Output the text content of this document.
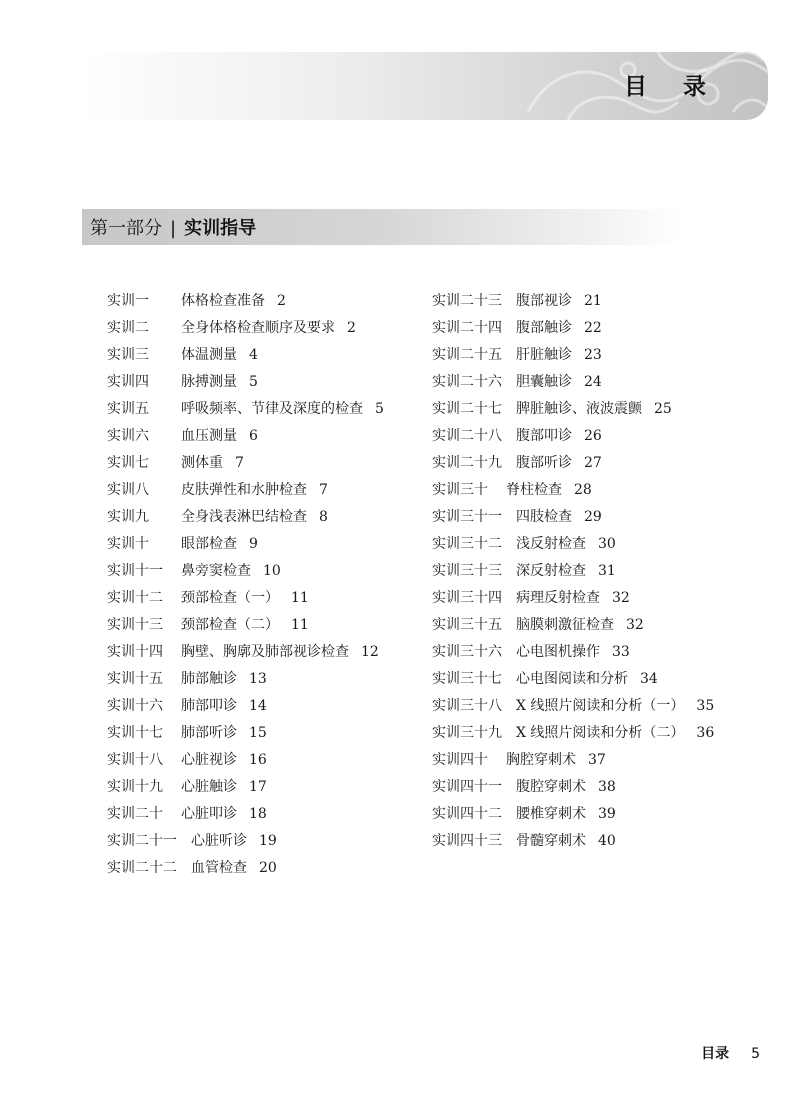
目 录
第一部分 | 实训指导
实训一 体格检查准备 2
实训二 全身体格检查顺序及要求 2
实训三 体温测量 4
实训四 脉搏测量 5
实训五 呼吸频率、节律及深度的检查 5
实训六 血压测量 6
实训七 测体重 7
实训八 皮肤弹性和水肿检查 7
实训九 全身浅表淋巴结检查 8
实训十 眼部检查 9
实训十一 鼻旁窦检查 10
实训十二 颈部检查（一） 11
实训十三 颈部检查（二） 11
实训十四 胸壁、胸廓及肺部视诊检查 12
实训十五 肺部触诊 13
实训十六 肺部叩诊 14
实训十七 肺部听诊 15
实训十八 心脏视诊 16
实训十九 心脏触诊 17
实训二十 心脏叩诊 18
实训二十一 心脏听诊 19
实训二十二 血管检查 20
实训二十三 腹部视诊 21
实训二十四 腹部触诊 22
实训二十五 肝脏触诊 23
实训二十六 胆囊触诊 24
实训二十七 脾脏触诊、液波震颤 25
实训二十八 腹部叩诊 26
实训二十九 腹部听诊 27
实训三十 脊柱检查 28
实训三十一 四肢检查 29
实训三十二 浅反射检查 30
实训三十三 深反射检查 31
实训三十四 病理反射检查 32
实训三十五 脑膜刺激征检查 32
实训三十六 心电图机操作 33
实训三十七 心电图阅读和分析 34
实训三十八 X 线照片阅读和分析（一） 35
实训三十九 X 线照片阅读和分析（二） 36
实训四十 胸腔穿刺术 37
实训四十一 腹腔穿刺术 38
实训四十二 腰椎穿刺术 39
实训四十三 骨髓穿刺术 40
目录 5
